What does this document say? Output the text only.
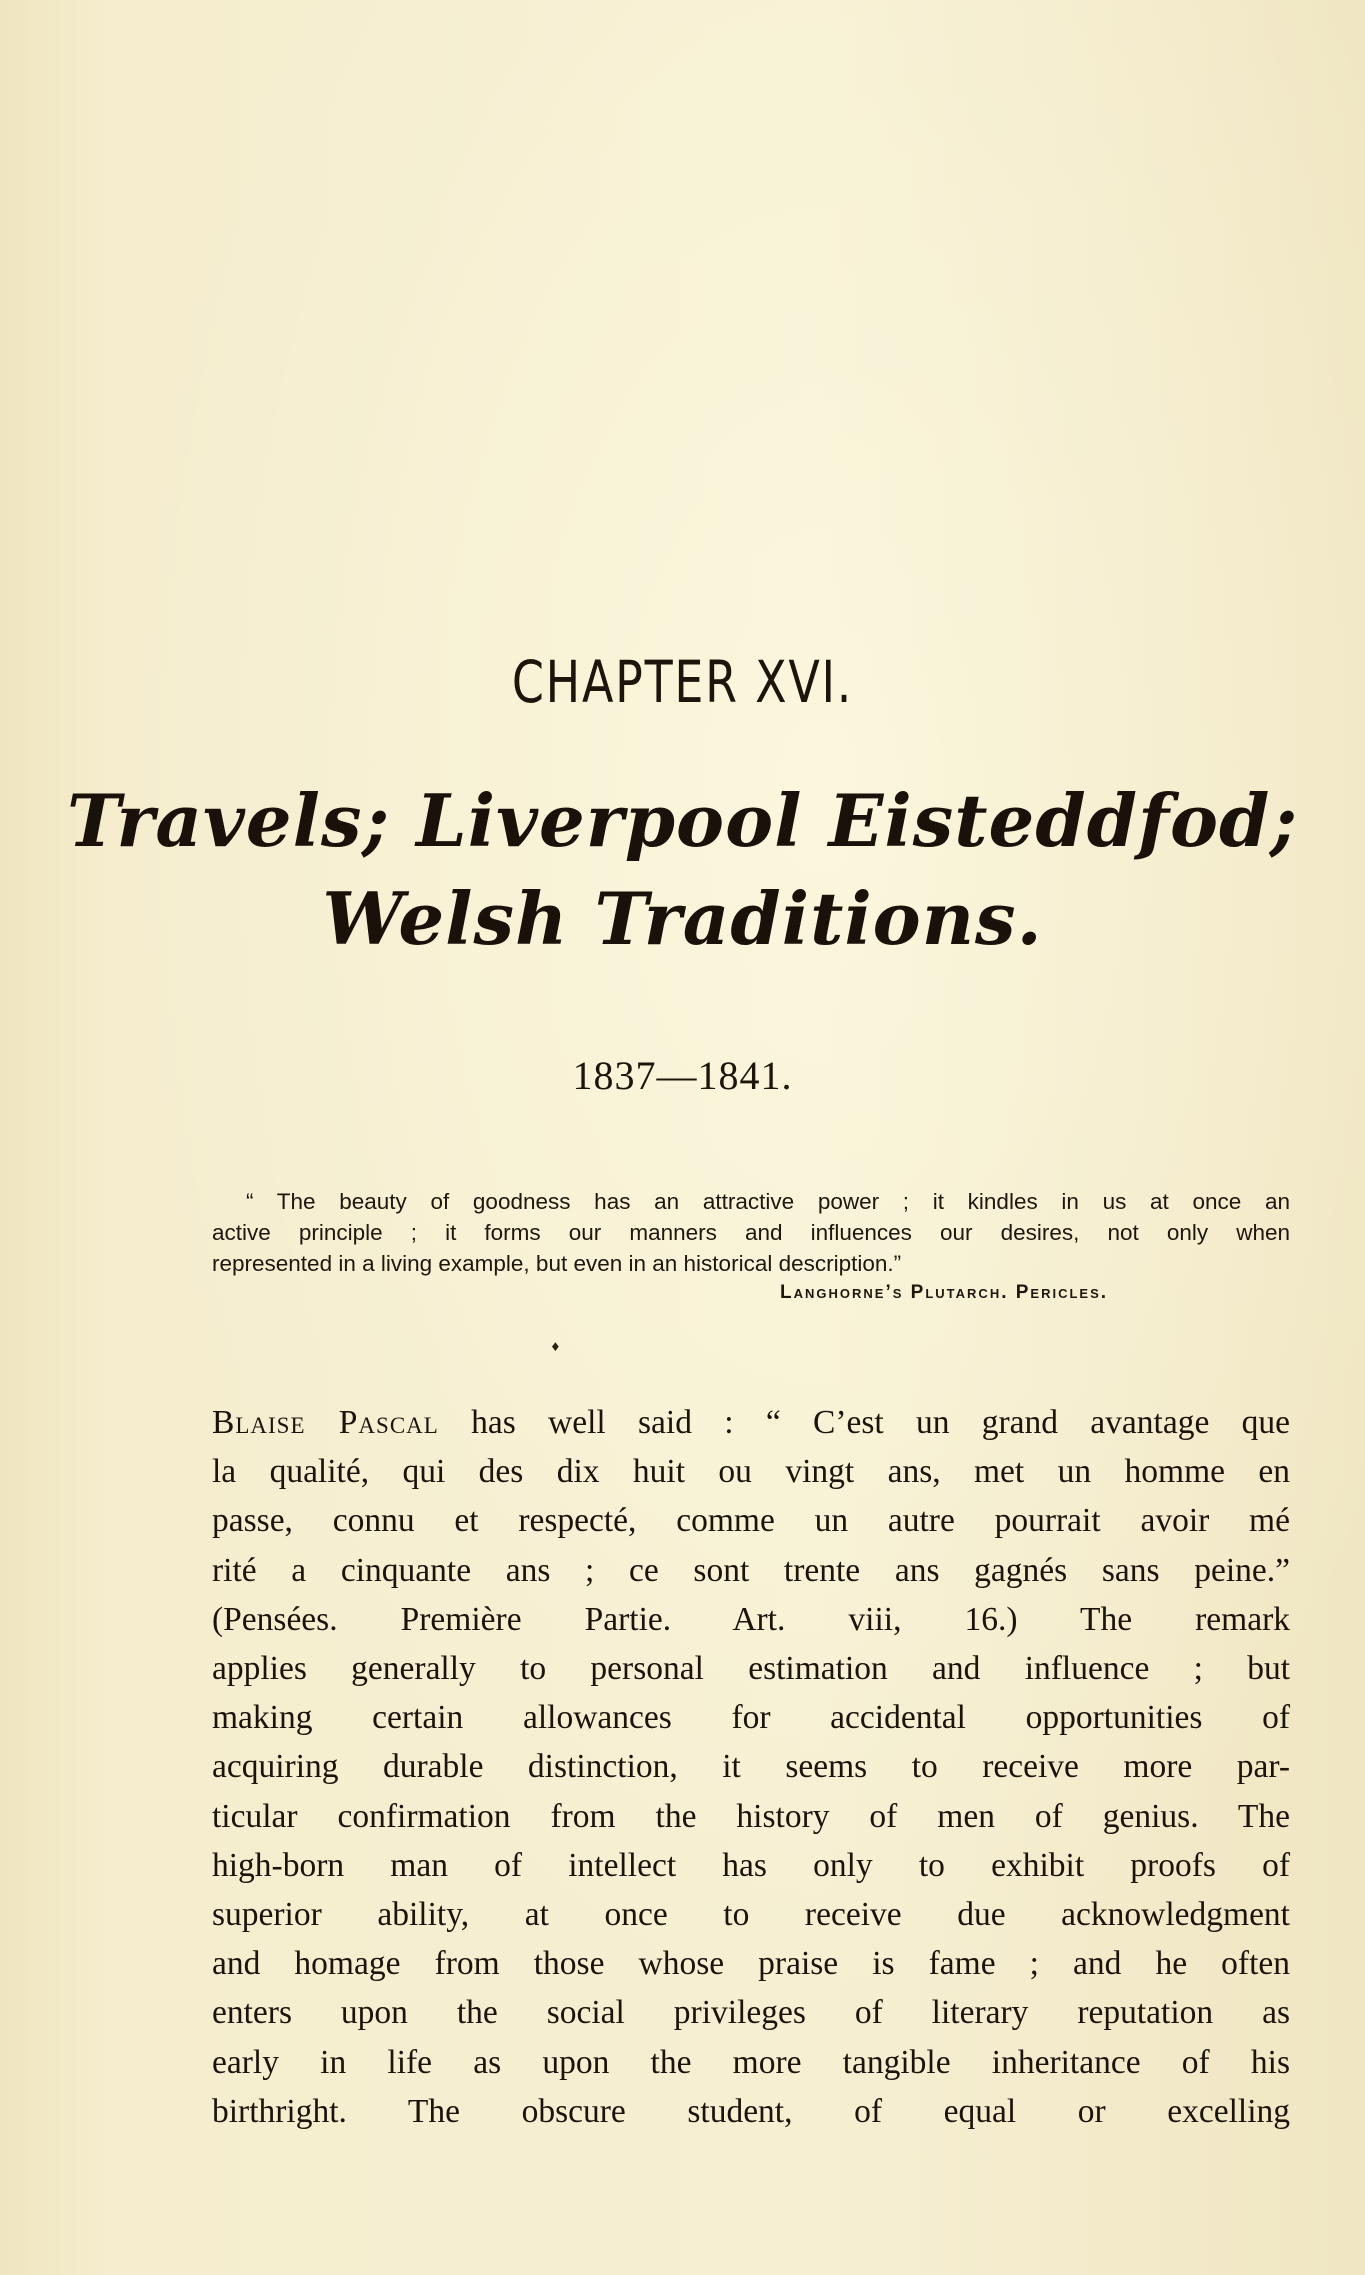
CHAPTER XVI.
Travels; Liverpool Eisteddfod;
Welsh Traditions.
1837—1841.
“ The beauty of goodness has an attractive power ; it kindles in us at once an
active principle ; it forms our manners and influences our desires, not only when
represented in a living example, but even in an historical description.”
Langhorne’s Plutarch. Pericles.
♦
Blaise Pascal has well said : “ C’est un grand avantage que
la qualité, qui des dix huit ou vingt ans, met un homme en
passe, connu et respecté, comme un autre pourrait avoir mé
rité a cinquante ans ; ce sont trente ans gagnés sans peine.”
(Pensées. Première Partie. Art. viii, 16.) The remark
applies generally to personal estimation and influence ; but
making certain allowances for accidental opportunities of
acquiring durable distinction, it seems to receive more par-
ticular confirmation from the history of men of genius. The
high-born man of intellect has only to exhibit proofs of
superior ability, at once to receive due acknowledgment
and homage from those whose praise is fame ; and he often
enters upon the social privileges of literary reputation as
early in life as upon the more tangible inheritance of his
birthright. The obscure student, of equal or excelling
